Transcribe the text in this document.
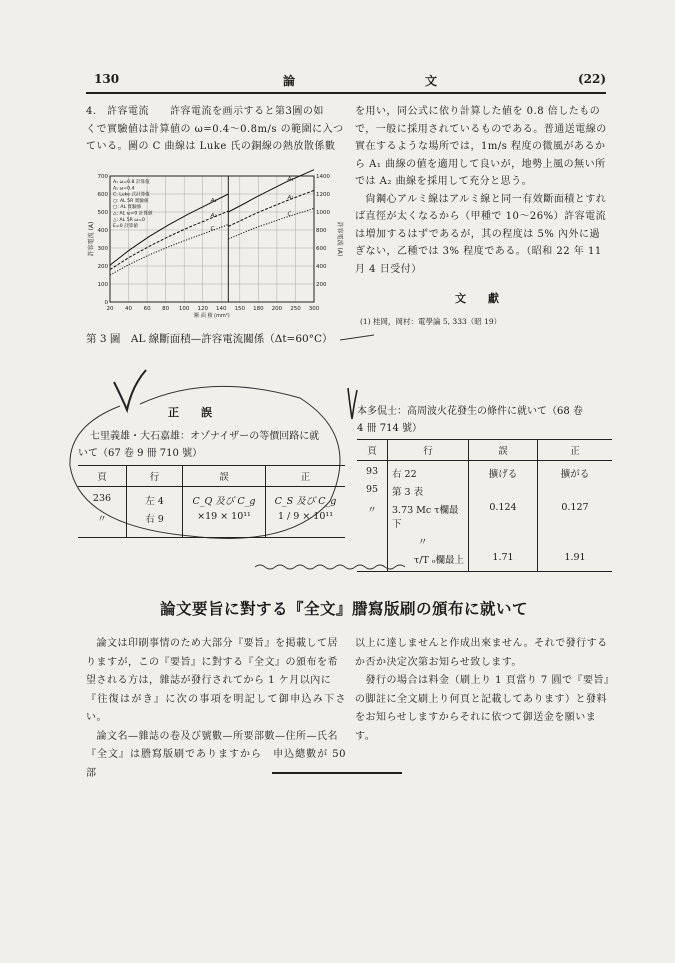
130	論	文	(22)

4.　許容電流　　許容電流を画示すると第3圖の如

くで實驗値は計算値の ω=0.4～0.8m/s の範圍に入つ

ている。圖の C 曲線は Luke 氏の銅線の熱放散係數

20 40 60 80 100 120 140 150 180 200 250 300
700
600
500
400
300
200
100
0
1400
1200
1000
800
600
400
200
斷 面 積 (mm²)
許容電流 (A)	許容電流 (A)
A₁
A₂
C
A₁
A₂
C
A₁ ω=0.8 計算值
A₂ ω=0.4
C: Luke 式計算值
○: AL 5R 實驗値
□: AL 實驗値
△: AL ω=0 計算値
△: AL 5R ω=0
E=0 計算値
第 3 圖　AL 線斷面積—許容電流關係（Δt=60°C）

を用い，同公式に依り計算した値を 0.8 倍したもの

で，一般に採用されているものである。普通送電線の

實在するような場所では，1m/s 程度の微風があるか

ら A₁ 曲線の値を適用して良いが，地勢上風の無い所

では A₂ 曲線を採用して充分と思う。

　尙鋼心アルミ線はアルミ線と同一有效斷面積とすれ

ば直徑が太くなるから（甲種で 10～26%）許容電流

は増加するはずであるが，其の程度は 5% 內外に過

ぎない，乙種では 3% 程度である。（昭和 22 年 11

月 4 日受付）

文　　獻
(1) 桂岡，岡村：電學論 5, 333（昭 19）
正　　誤
七里義雄・大石嘉雄：オゾナイザーの等價回路に就
いて（67 卷 9 冊 710 號）
頁	行	誤	正
236	左 4	C_Q 及び C_g	C_S 及び C_g
〃	右 9	×19 × 10¹¹	1 / 9 × 10¹¹
本多侃士：高周波火花發生の條件に就いて（68 卷
4 冊 714 號）
頁	行	誤	正
93	右 22	擴げる	擴がる
95	第 3 表		
〃	3.73 Mc τ欄最下	0.124	0.127
	〃		
	τ/T ₒ欄最上	1.71	1.91
論文要旨に對する『全文』謄寫版刷の頒布に就いて

　論文は印刷事情のため大部分『要旨』を掲載して居

りますが，この『要旨』に對する『全文』の頒布を希

望される方は，雜誌が發行されてから 1 ケ月以內に

『往復はがき』に次の事項を明記して御申込み下さい。

　論文名—雜誌の卷及び號數—所要部數—住所—氏名

『全文』は謄寫版刷でありますから　申込總數が 50 部

以上に達しませんと作成出來ません。それで發行する

か否か決定次第お知らせ致します。

　發行の場合は料金（刷上り 1 頁當り 7 圓で『要旨』

の脚註に全文刷上り何頁と記載してあります）と發料

をお知らせしますからそれに依つて御送金を願いま

す。
